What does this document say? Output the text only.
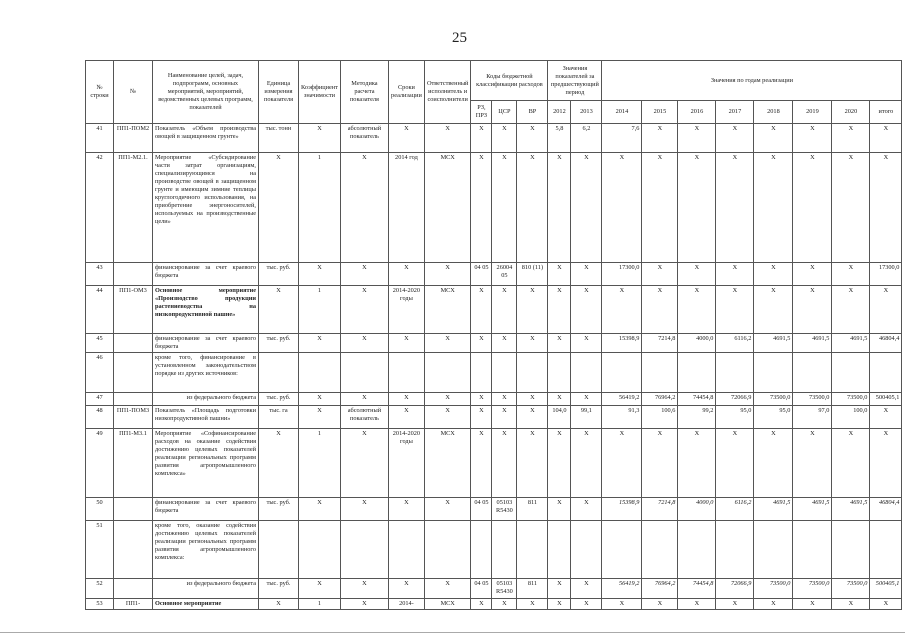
25
№ строки	№	Наименование целей, задач, подпрограмм, основных мероприятий, мероприятий, ведомственных целевых программ, показателей	Единица измерения показателя	Коэффициент значимости	Методика расчета показателя	Сроки реализации	Ответственный исполнитель и соисполнители	Коды бюджетной классификации расходов			Значения показателей за предшествующий период		Значения по годам реализации							
								РЗ, ПРЗ	ЦСР	ВР	2012	2013	2014	2015	2016	2017	2018	2019	2020	итого
41	ПП1-ПОМ2	Показатель «Объем производства овощей в защищенном грунте»	тыс. тонн	X	абсолютный показатель	X	X	X	X	X	5,8	6,2	7,6	X	X	X	X	X	X	X
42	ПП1-М2.1.	Мероприятие «Субсидирование части затрат организациям, специализирующимся на производстве овощей в защищенном грунте и имеющим зимние теплицы круглогодичного использования, на приобретение энергоносителей, используемых на производственные цели»	X	1	X	2014 год	МСХ	X	X	X	X	X	X	X	X	X	X	X	X	X
43		финансирование за счет краевого бюджета	тыс. руб.	X	X	X	X	04 05	26004 05	810 (11)	X	X	17300,0	X	X	X	X	X	X	17300,0
44	ПП1-ОМ3	Основное мероприятие «Производство продукции растениеводства на низкопродуктивной пашне»	X	1	X	2014-2020 годы	МСХ	X	X	X	X	X	X	X	X	X	X	X	X	X
45		финансирование за счет краевого бюджета	тыс. руб.	X	X	X	X	X	X	X	X	X	15398,9	7214,8	4000,0	6116,2	4691,5	4691,5	4691,5	46804,4
46		кроме того, финансирование в установленном законодательством порядке из других источников:																		
47		из федерального бюджета	тыс. руб.	X	X	X	X	X	X	X	X	X	56419,2	76964,2	74454,8	72066,9	73500,0	73500,0	73500,0	500405,1
48	ПП1-ПОМ3	Показатель «Площадь подготовки низкопродуктивной пашни»	тыс. га	X	абсолютный показатель	X	X	X	X	X	104,0	99,1	91,3	100,6	99,2	95,0	95,0	97,0	100,0	X
49	ПП1-М3.1	Мероприятие «Софинансирование расходов на оказание содействия достижению целевых показателей реализации региональных программ развития агропромышленного комплекса»	X	1	X	2014-2020 годы	МСХ	X	X	X	X	X	X	X	X	X	X	X	X	X
50		финансирование за счет краевого бюджета	тыс. руб.	X	X	X	X	04 05	05103 R5430	811	X	X	15398,9	7214,8	4000,0	6116,2	4691,5	4691,5	4691,5	46804,4
51		кроме того, оказание содействия достижению целевых показателей реализации региональных программ развития агропромышленного комплекса:																		
52		из федерального бюджета	тыс. руб.	X	X	X	X	04 05	05103 R5430	811	X	X	56419,2	76964,2	74454,8	72066,9	73500,0	73500,0	73500,0	500405,1
53	ПП1-	Основное мероприятие	X	1	X	2014-	МСХ	X	X	X	X	X	X	X	X	X	X	X	X	X
